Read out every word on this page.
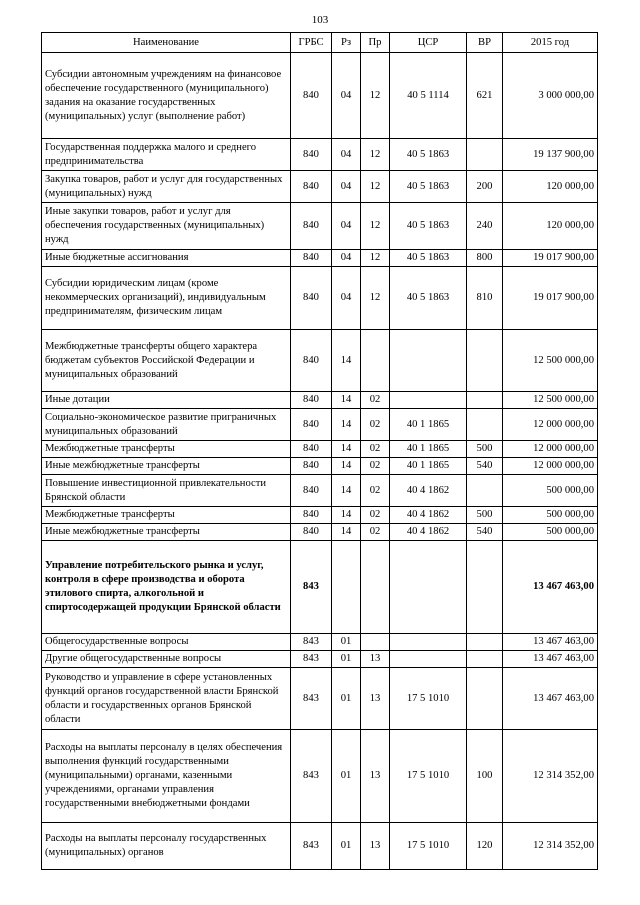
103
Наименование	ГРБС	Рз	Пр	ЦСР	ВР	2015 год
Субсидии автономным учреждениям на финансовое обеспечение государственного (муниципального) задания на оказание государственных (муниципальных) услуг (выполнение работ)	840	04	12	40 5 1114	621	3 000 000,00
Государственная поддержка малого и среднего предпринимательства	840	04	12	40 5 1863		19 137 900,00
Закупка товаров, работ и услуг для государственных (муниципальных) нужд	840	04	12	40 5 1863	200	120 000,00
Иные закупки товаров, работ и услуг для обеспечения государственных (муниципальных) нужд	840	04	12	40 5 1863	240	120 000,00
Иные бюджетные ассигнования	840	04	12	40 5 1863	800	19 017 900,00
Субсидии юридическим лицам (кроме некоммерческих организаций), индивидуальным предпринимателям, физическим лицам	840	04	12	40 5 1863	810	19 017 900,00
Межбюджетные трансферты общего характера бюджетам субъектов Российской Федерации и муниципальных образований	840	14				12 500 000,00
Иные дотации	840	14	02			12 500 000,00
Социально-экономическое развитие приграничных муниципальных образований	840	14	02	40 1 1865		12 000 000,00
Межбюджетные трансферты	840	14	02	40 1 1865	500	12 000 000,00
Иные межбюджетные трансферты	840	14	02	40 1 1865	540	12 000 000,00
Повышение инвестиционной привлекательности Брянской области	840	14	02	40 4 1862		500 000,00
Межбюджетные трансферты	840	14	02	40 4 1862	500	500 000,00
Иные межбюджетные трансферты	840	14	02	40 4 1862	540	500 000,00
Управление потребительского рынка и услуг, контроля в сфере производства и оборота этилового спирта, алкогольной и спиртосодержащей продукции Брянской области	843					13 467 463,00
Общегосударственные вопросы	843	01				13 467 463,00
Другие общегосударственные вопросы	843	01	13			13 467 463,00
Руководство и управление в сфере установленных функций органов государственной власти Брянской области и государственных органов Брянской области	843	01	13	17 5 1010		13 467 463,00
Расходы на выплаты персоналу в целях обеспечения выполнения функций государственными (муниципальными) органами, казенными учреждениями, органами управления государственными внебюджетными фондами	843	01	13	17 5 1010	100	12 314 352,00
Расходы на выплаты персоналу государственных (муниципальных) органов	843	01	13	17 5 1010	120	12 314 352,00
